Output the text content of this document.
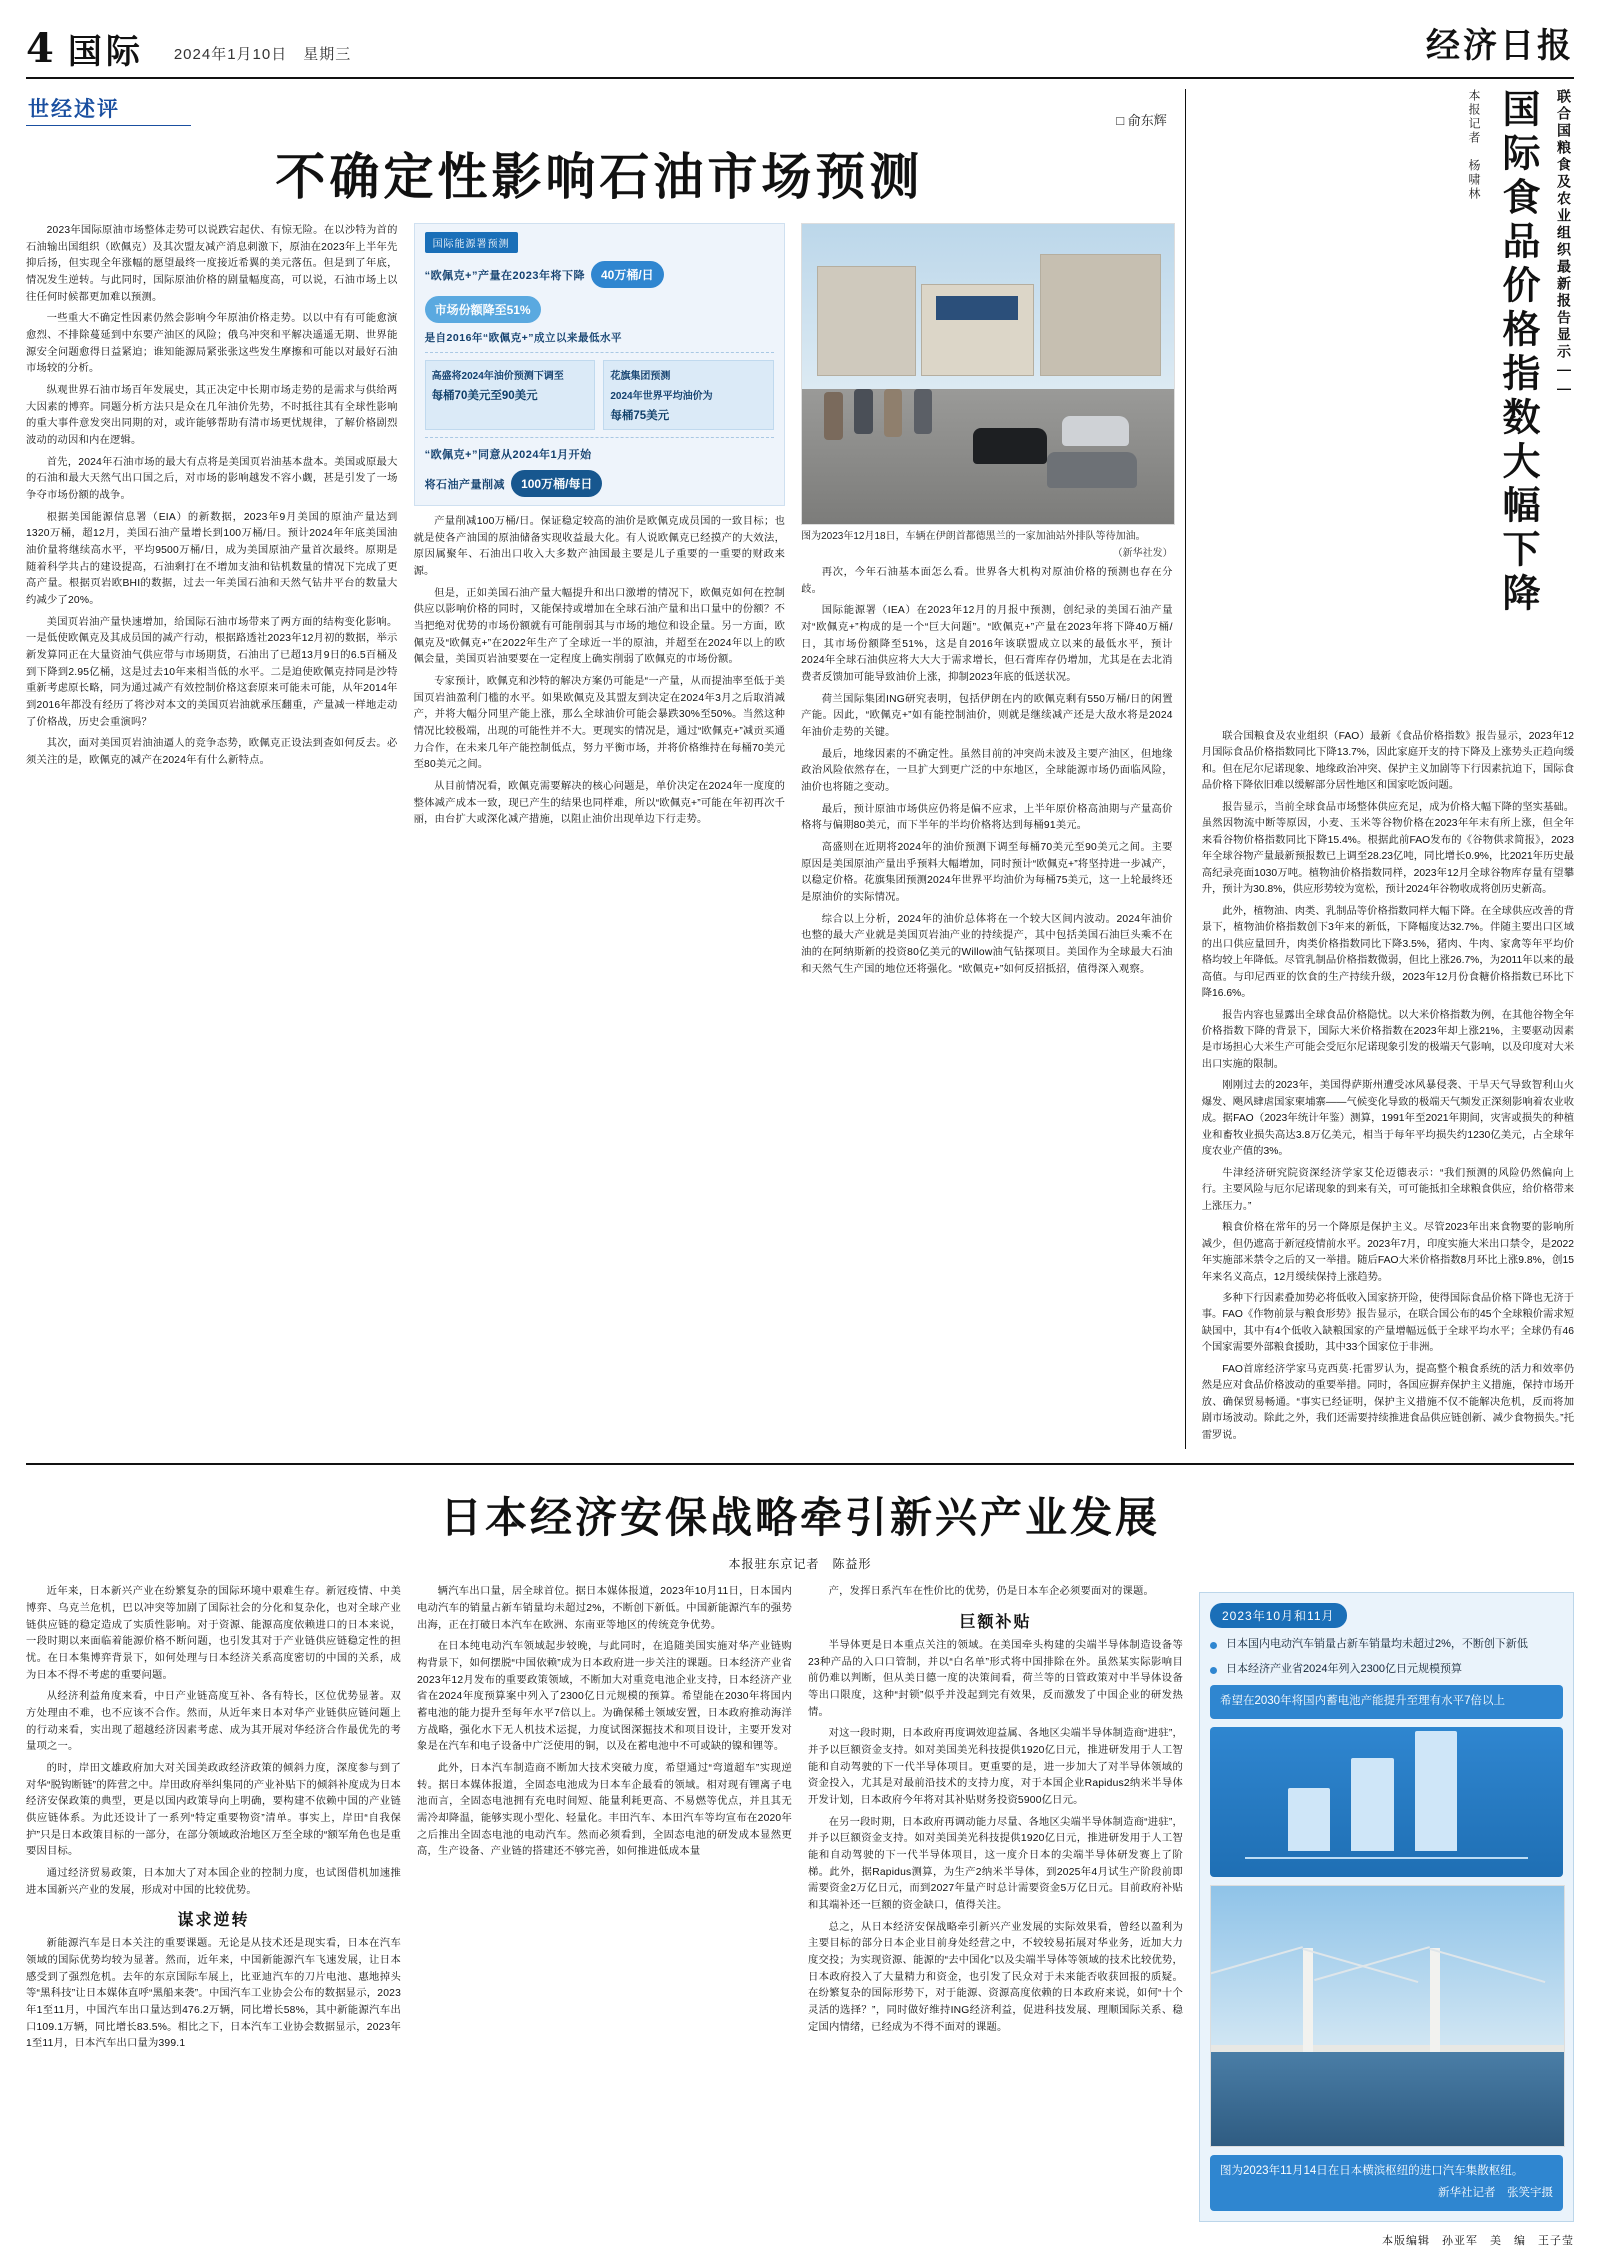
4 国际 2024年1月10日　星期三	经济日报
世经述评	□ 俞东辉
不确定性影响石油市场预测

2023年国际原油市场整体走势可以说跌宕起伏、有惊无险。在以沙特为首的石油输出国组织（欧佩克）及其次盟友减产消息刺激下，原油在2023年上半年先抑后扬，但实现全年涨幅的愿望最终一度接近希翼的美元落伍。但是到了年底，情况发生逆转。与此同时，国际原油价格的剧量幅度高，可以说，石油市场上以往任何时候都更加难以预测。

一些重大不确定性因素仍然会影响今年原油价格走势。以以中有有可能愈演愈烈、不排除蔓延到中东要产油区的风险；俄乌冲突和平解决遥遥无期、世界能源安全问题愈得日益紧迫；谁知能源局紧张张这些发生摩擦和可能以对最好石油市场较的分析。

纵观世界石油市场百年发展史，其正决定中长期市场走势的是需求与供给两大因素的博弈。同题分析方法只是众在几年油价先势，不时抵往其有全球性影响的重大事件意发突出同期的对，或许能够帮助有清市场更忧规律，了解价格剧烈波动的动因和内在逻辑。

首先，2024年石油市场的最大有点将是美国页岩油基本盘本。美国或原最大的石油和最大天然气出口国之后，对市场的影响越发不容小觑，甚是引发了一场争夺市场份额的战争。

根据美国能源信息署（EIA）的新数据，2023年9月美国的原油产量达到1320万桶，超12月，美国石油产量增长到100万桶/日。预计2024年年底美国油油价量将继续高水平，平均9500万桶/日，成为美国原油产量首次最终。原期是随着科学共占的建设提高，石油剩打在不增加支油和钻机数量的情况下完成了更高产量。根据页岩欧BHI的数据，过去一年美国石油和天然气钻井平台的数量大约减少了20%。

美国页岩油产量快速增加，给国际石油市场带来了两方面的结构变化影响。一是低使欧佩克及其成员国的减产行动，根据路透社2023年12月初的数据，举示新发算同正在大量资油气供应带与市场期货，石油出了已超13月9日的6.5百桶及到下降到2.95亿桶，这是过去10年来相当低的水平。二是迫使欧佩克持同是沙特重新考虑原长略，同为通过减产有效控制价格这套原来可能未可能，从年2014年到2016年都没有经历了将沙对本文的美国页岩油就承压翻重，产量减一样地走动了价格战，历史会重演吗？

其次，面对美国页岩油油逼人的竞争态势，欧佩克正设法到查如何反去。必须关注的是，欧佩克的减产在2024年有什么新特点。

国际能源署预测
“欧佩克+”产量在2023年将下降	40万桶/日
市场份额降至51%
是自2016年“欧佩克+”成立以来最低水平
高盛将2024年油价预测下调至
每桶70美元至90美元
花旗集团预测
2024年世界平均油价为
每桶75美元
“欧佩克+”同意从2024年1月开始
将石油产量削减	100万桶/每日

产量削减100万桶/日。保证稳定较高的油价是欧佩克成员国的一致目标；也就是使各产油国的原油储备实现收益最大化。有人说欧佩克已经摸产的大效法，原因属聚年、石油出口收入大多数产油国最主要是儿子重要的一重要的财政来源。

但是，正如美国石油产量大幅提升和出口激增的情况下，欧佩克如何在控制供应以影响价格的同时，又能保持或增加在全球石油产量和出口量中的份额？不当把绝对优势的市场份额就有可能削弱其与市场的地位和设企量。另一方面，欧佩克及“欧佩克+”在2022年生产了全球近一半的原油，并超至在2024年以上的欧佩会量，美国页岩油要要在一定程度上确实削弱了欧佩克的市场份额。

专家预计，欧佩克和沙特的解决方案仍可能是“一产量，从而提油率至低于美国页岩油盈利门槛的水平。如果欧佩克及其盟友到决定在2024年3月之后取消减产，并将大幅分同里产能上涨，那么全球油价可能会暴跌30%至50%。当然这种情况比较极端，出现的可能性并不大。更现实的情况是，通过“欧佩克+”减贡买通力合作，在未来几年产能控制低点，努力平衡市场，并将价格维持在每桶70美元至80美元之间。

从目前情况看，欧佩克需要解决的核心问题是，单价决定在2024年一度度的整体减产成本一致，现已产生的结果也同样难，所以“欧佩克+”可能在年初再次千丽，由台扩大或深化减产措施，以阻止油价出现单边下行走势。

图为2023年12月18日，车辆在伊朗首都德黑兰的一家加油站外排队等待加油。
（新华社发）

再次，今年石油基本面怎么看。世界各大机构对原油价格的预测也存在分歧。

国际能源署（IEA）在2023年12月的月报中预测，创纪录的美国石油产量对“欧佩克+”构成的是一个“巨大问题”。“欧佩克+”产量在2023年将下降40万桶/日，其市场份额降至51%，这是自2016年该联盟成立以来的最低水平，预计2024年全球石油供应将大大大于需求增长，但石膏库存仍增加，尤其是在去北消费者反馈加可能导致油价上涨，抑制2023年底的低送状况。

荷兰国际集团ING研究表明，包括伊朗在内的欧佩克剩有550万桶/日的闲置产能。因此，“欧佩克+”如有能控制油价，则就是继续减产还是大敌水将是2024年油价走势的关键。

最后，地缘因素的不确定性。虽然目前的冲突尚未波及主要产油区，但地缘政治风险依然存在，一旦扩大到更广泛的中东地区，全球能源市场仍面临风险，油价也将随之变动。

最后，预计原油市场供应仍将是偏不应求，上半年原价格高油期与产量高价格将与偏期80美元，而下半年的半均价格将达到每桶91美元。

高盛则在近期将2024年的油价预测下调至每桶70美元至90美元之间。主要原因是美国原油产量出乎预料大幅增加，同时预计“欧佩克+”将坚持进一步减产，以稳定价格。花旗集团预测2024年世界平均油价为每桶75美元，这一上轮最终还是原油价的实际情况。

综合以上分析，2024年的油价总体将在一个较大区间内波动。2024年油价也整的最大产业就是美国页岩油产业的持续提产，其中包括美国石油巨头乘不在油的在阿纳斯新的投资80亿美元的Willow油气钻探项目。美国作为全球最大石油和天然气生产国的地位还将强化。“欧佩克+”如何反招抵招，值得深入观察。

本报记者　杨啸林 国际食品价格指数大幅下降	联合国粮食及农业组织最新报告显示——

联合国粮食及农业组织（FAO）最新《食品价格指数》报告显示，2023年12月国际食品价格指数同比下降13.7%，因此家庭开支的持下降及上涨势头正趋向缓和。但在尼尔尼诺现象、地缘政治冲突、保护主义加剧等下行因素抗迫下，国际食品价格下降依旧难以缓解部分居性地区和国家吃饭问题。

报告显示，当前全球食品市场整体供应充足，成为价格大幅下降的坚实基础。虽然因物流中断等原因，小麦、玉米等谷物价格在2023年年末有所上涨，但全年来看谷物价格指数同比下降15.4%。根据此前FAO发布的《谷物供求简报》，2023年全球谷物产量最新预报数已上调至28.23亿吨，同比增长0.9%，比2021年历史最高纪录亮面1030万吨。植物油价格指数同样，2023年12月全球谷物库存量有望攀升，预计为30.8%，供应形势较为宽松，预计2024年谷物收成将创历史新高。

此外，植物油、肉类、乳制品等价格指数同样大幅下降。在全球供应改善的背景下，植物油价格指数创下3年来的新低，下降幅度达32.7%。伴随主要出口区域的出口供应量回升，肉类价格指数同比下降3.5%，猪肉、牛肉、家禽等年平均价格均较上年降低。尽管乳制品价格指数微弱，但比上涨26.7%，为2011年以来的最高值。与印尼西亚的饮食的生产持续升级，2023年12月份食糖价格指数已环比下降16.6%。

报告内容也显露出全球食品价格隐忧。以大米价格指数为例，在其他谷物全年价格指数下降的背景下，国际大米价格指数在2023年却上涨21%，主要驱动因素是市场担心大米生产可能会受厄尔尼诺现象引发的极端天气影响，以及印度对大米出口实施的限制。

刚刚过去的2023年，美国得萨斯州遭受冰风暴侵袭、干旱天气导致智利山火爆发、飓风肆虐国家柬埔寨——气候变化导致的极端天气频发正深刻影响着农业收成。据FAO（2023年统计年鉴）测算，1991年至2021年期间，灾害或损失的种植业和畜牧业损失高达3.8万亿美元，相当于每年平均损失约1230亿美元，占全球年度农业产值的3%。

牛津经济研究院资深经济学家艾伦迈德表示：“我们预测的风险仍然偏向上行。主要风险与厄尔尼诺现象的到来有关，可可能抵扣全球粮食供应，给价格带来上涨压力。”

粮食价格在常年的另一个降原是保护主义。尽管2023年出来食物要的影响所减少，但仍遮高于新冠疫情前水平。2023年7月，印度实施大米出口禁令，是2022年实施部米禁令之后的又一举措。随后FAO大米价格指数8月环比上涨9.8%，创15年来名义高点，12月缓续保持上涨趋势。

多种下行因素叠加势必将低收入国家挤开险，使得国际食品价格下降也无济于事。FAO《作物前景与粮食形势》报告显示，在联合国公布的45个全球粮价需求短缺国中，其中有4个低收入缺粮国家的产量增幅远低于全球平均水平；全球仍有46个国家需要外部粮食援助，其中33个国家位于非洲。

FAO首席经济学家马克西莫·托雷罗认为，提高整个粮食系统的活力和效率仍然是应对食品价格波动的重要举措。同时，各国应摒弃保护主义措施，保持市场开放、确保贸易畅通。“事实已经证明，保护主义措施不仅不能解决危机，反而将加剧市场波动。除此之外，我们还需要持续推进食品供应链创新、减少食物损失。”托雷罗说。

日本经济安保战略牵引新兴产业发展
本报驻东京记者　陈益形

近年来，日本新兴产业在纷繁复杂的国际环境中艰难生存。新冠疫情、中美博弈、乌克兰危机，巴以冲突等加剧了国际社会的分化和复杂化，也对全球产业链供应链的稳定造成了实质性影响。对于资源、能源高度依赖进口的日本来说，一段时期以来面临着能源价格不断问题，也引发其对于产业链供应链稳定性的担忧。在日本集博弈背景下，如何处理与日本经济关系高度密切的中国的关系，成为日本不得不考虑的重要问题。

从经济利益角度来看，中日产业链高度互补、各有特长，区位优势显著。双方处理由不难，也不应该不合作。然而，从近年来日本对华产业链供应链问题上的行动来看，实出现了超越经济因素考虑、成为其开展对华经济合作最优先的考量项之一。

的时，岸田文雄政府加大对关国美政政经济政策的倾斜力度，深度参与到了对华“脱钩断链”的阵营之中。岸田政府举纠集同的产业补贴下的倾斜补度成为日本经济安保政策的典型，更是以国内政策导向上明确，要构建不依赖中国的产业链供应链体系。为此还设计了一系列“特定重要物资”清单。事实上，岸田“自我保护”只是日本政策目标的一部分，在部分领域政治地区万至全球的“额军角色也是重要因目标。

通过经济贸易政策，日本加大了对本国企业的控制力度，也试图借机加速推进本国新兴产业的发展，形成对中国的比较优势。

谋求逆转

新能源汽车是日本关注的重要课题。无论是从技术还是现实看，日本在汽车领域的国际优势均较为显著。然而，近年来，中国新能源汽车飞速发展，让日本感受到了强烈危机。去年的东京国际车展上，比亚迪汽车的刀片电池、惠地掉头等“黑科技”让日本媒体直呼“黑船来袭”。中国汽车工业协会公布的数据显示，2023年1至11月，中国汽车出口量达到476.2万辆，同比增长58%，其中新能源汽车出口109.1万辆，同比增长83.5%。相比之下，日本汽车工业协会数据显示，2023年1至11月，日本汽车出口量为399.1

辆汽车出口量，居全球首位。据日本媒体报道，2023年10月11日，日本国内电动汽车的销量占新车销量均未超过2%，不断创下新低。中国新能源汽车的强势出海，正在打破日本汽车在欧洲、东南亚等地区的传统竞争优势。

在日本纯电动汽车领域起步较晚，与此同时，在追随美国实施对华产业链购构背景下，如何摆脱“中国依赖”成为日本政府进一步关注的课题。日本经济产业省2023年12月发布的重要政策领域，不断加大对重竞电池企业支持，日本经济产业省在2024年度预算案中列入了2300亿日元规模的预算。希望能在2030年将国内蓄电池的能力提升至每年水平7倍以上。为确保稀土领域安置，日本政府推动海洋方战略，强化水下无人机技术运捉，力度试图深掘技术和项目设计，主要开发对象是在汽车和电子设备中广泛使用的铜，以及在蓄电池中不可或缺的镍和锂等。

此外，日本汽车制造商不断加大技术突破力度，希望通过“弯道超车”实现逆转。据日本媒体报道，全固态电池成为日本车企最看的领域。相对现有锂离子电池而言，全固态电池拥有充电时间短、能量利耗更高、不易燃等优点，并且其无需冷却降温，能够实现小型化、轻量化。丰田汽车、本田汽车等均宣布在2020年之后推出全固态电池的电动汽车。然而必须看到，全固态电池的研发成本显然更高，生产设备、产业链的搭建还不够完善，如何推进低成本量

产，发挥日系汽车在性价比的优势，仍是日本车企必须要面对的课题。

巨额补贴

半导体更是日本重点关注的领域。在美国牵头构建的尖端半导体制造设备等23种产品的入口口管制，并以“白名单”形式将中国排除在外。虽然某实际影响目前仍难以判断，但从美日德一度的决策间看，荷兰等的日管政策对中半导体设备等出口限度，这种“封锁”似乎并没起到完有效果，反而激发了中国企业的研发热情。

对这一段时期，日本政府再度调效迎益属、各地区尖端半导体制造商“进驻”，并予以巨额资金支持。如对美国美光科技提供1920亿日元，推进研发用于人工智能和自动驾驶的下一代半导体项目。更重要的是，进一步加大了对半导体领域的资金投入，尤其是对最前沿技术的支持力度，对于本国企业Rapidus2纳米半导体开发计划，日本政府今年将对其补贴财务投资5900亿日元。

在另一段时期，日本政府再调动能力尽量、各地区尖端半导体制造商“进驻”，并予以巨额资金支持。如对美国美光科技提供1920亿日元，推进研发用于人工智能和自动驾驶的下一代半导体项目，这一度介日本的尖端半导体研发赛上了阶梯。此外，据Rapidus测算，为生产2纳米半导体，到2025年4月试生产阶段前即需要资金2万亿日元，而到2027年量产时总计需要资金5万亿日元。目前政府补贴和其端补还一巨额的资金缺口，值得关注。

总之，从日本经济安保战略牵引新兴产业发展的实际效果看，曾经以盈利为主要目标的部分日本企业目前身处经营之中，不较较易拓展对华业务，近加大力度交投；为实现资源、能源的“去中国化”以及尖端半导体等领域的技术比较优势，日本政府投入了大量精力和资金，也引发了民众对于未来能否收获回报的质疑。在纷繁复杂的国际形势下，对于能源、资源高度依赖的日本政府来说，如何“十个灵活的选择？”，同时做好维持ING经济利益，促进科技发展、理顺国际关系、稳定国内情绪，已经成为不得不面对的课题。

2023年10月和11月
日本国内电动汽车销量占新车销量均未超过2%，不断创下新低
日本经济产业省2024年列入2300亿日元规模预算
希望在2030年将国内蓄电池产能提升至理有水平7倍以上
图为2023年11月14日在日本横滨枢纽的进口汽车集散枢纽。
新华社记者　张笑宇摄
本版编辑　孙亚军　美　编　王子莹
